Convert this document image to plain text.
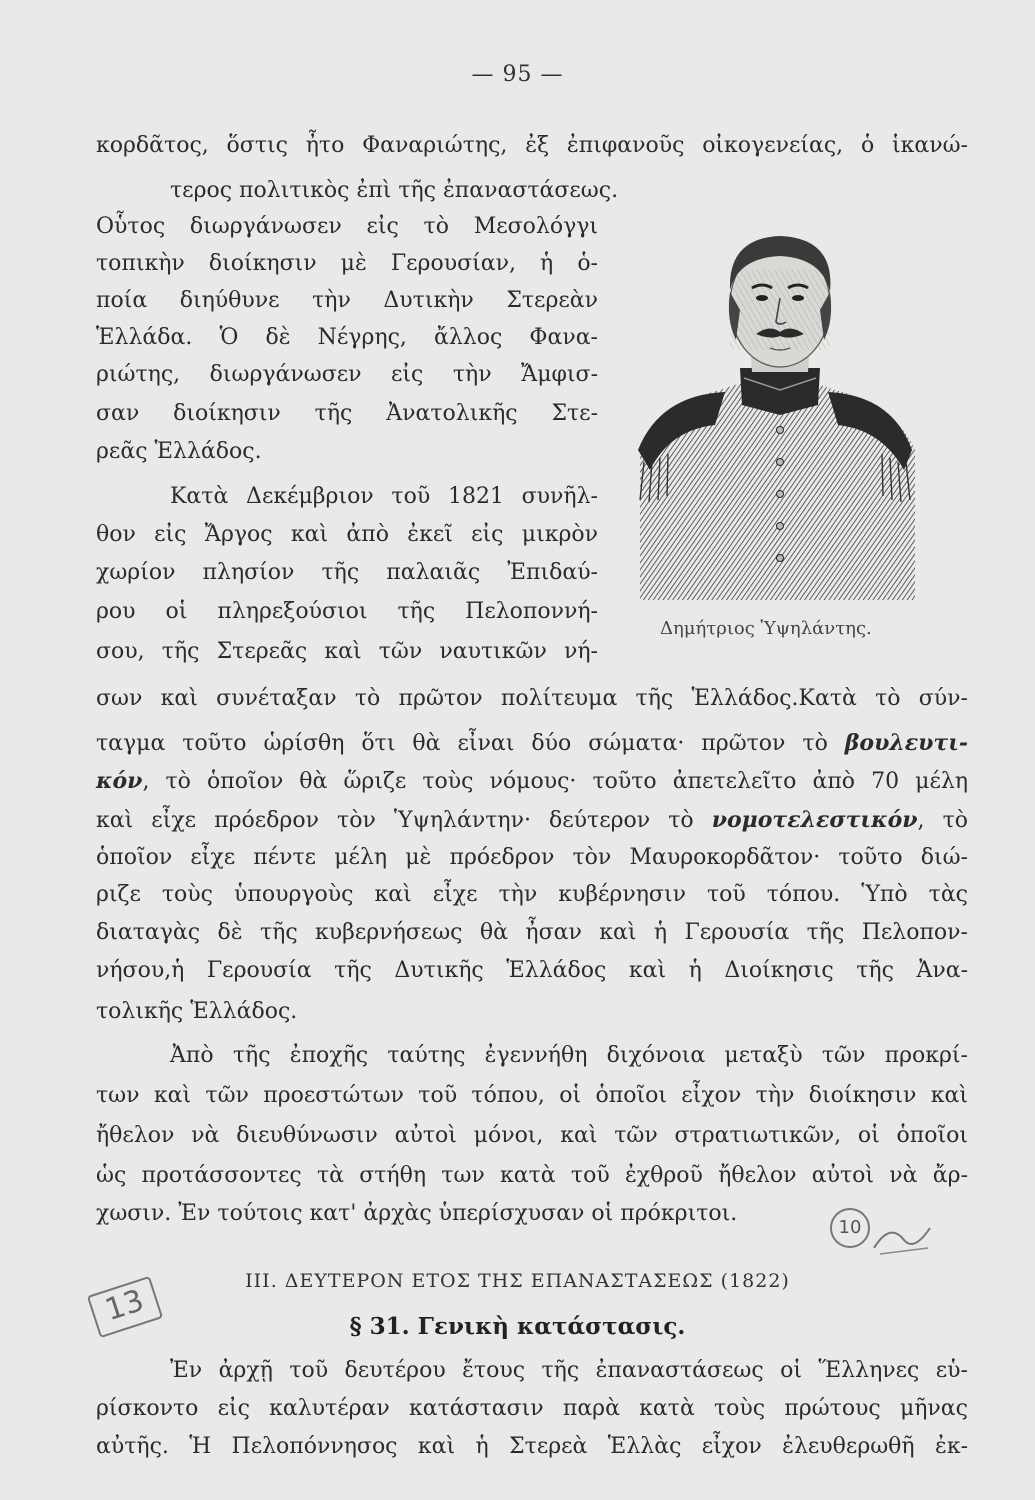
— 95 —
κορδᾶτος, ὅστις ἦτο Φαναριώτης, ἐξ ἐπιφανοῦς οἰκογενείας, ὁ ἱκανώ-
τερος πολιτικὸς ἐπὶ τῆς ἐπαναστάσεως.
Οὗτος διωργάνωσεν εἰς τὸ Μεσολόγγι
τοπικὴν διοίκησιν μὲ Γερουσίαν, ἡ ὁ-
ποία διηύθυνε τὴν Δυτικὴν Στερεὰν
Ἑλλάδα. Ὁ δὲ Νέγρης, ἄλλος Φανα-
ριώτης, διωργάνωσεν εἰς τὴν Ἄμφισ-
σαν διοίκησιν τῆς Ἀνατολικῆς Στε-
ρεᾶς Ἑλλάδος.
Κατὰ Δεκέμβριον τοῦ 1821 συνῆλ-
θον εἰς Ἄργος καὶ ἀπὸ ἐκεῖ εἰς μικρὸν
χωρίον πλησίον τῆς παλαιᾶς Ἐπιδαύ-
ρου οἱ πληρεξούσιοι τῆς Πελοποννή-
σου, τῆς Στερεᾶς καὶ τῶν ναυτικῶν νή-
Δημήτριος Ὑψηλάντης.
σων καὶ συνέταξαν τὸ πρῶτον πολίτευμα τῆς Ἑλλάδος.Κατὰ τὸ σύν-
ταγμα τοῦτο ὡρίσθη ὅτι θὰ εἶναι δύο σώματα· πρῶτον τὸ βουλευτι-
κόν, τὸ ὁποῖον θὰ ὥριζε τοὺς νόμους· τοῦτο ἀπετελεῖτο ἀπὸ 70 μέλη
καὶ εἶχε πρόεδρον τὸν Ὑψηλάντην· δεύτερον τὸ νομοτελεστικόν, τὸ
ὁποῖον εἶχε πέντε μέλη μὲ πρόεδρον τὸν Μαυροκορδᾶτον· τοῦτο διώ-
ριζε τοὺς ὑπουργοὺς καὶ εἶχε τὴν κυβέρνησιν τοῦ τόπου. Ὑπὸ τὰς
διαταγὰς δὲ τῆς κυβερνήσεως θὰ ἦσαν καὶ ἡ Γερουσία τῆς Πελοπον-
νήσου,ἡ Γερουσία τῆς Δυτικῆς Ἑλλάδος καὶ ἡ Διοίκησις τῆς Ἀνα-
τολικῆς Ἑλλάδος.
Ἀπὸ τῆς ἐποχῆς ταύτης ἐγεννήθη διχόνοια μεταξὺ τῶν προκρί-
των καὶ τῶν προεστώτων τοῦ τόπου, οἱ ὁποῖοι εἶχον τὴν διοίκησιν καὶ
ἤθελον νὰ διευθύνωσιν αὐτοὶ μόνοι, καὶ τῶν στρατιωτικῶν, οἱ ὁποῖοι
ὡς προτάσσοντες τὰ στήθη των κατὰ τοῦ ἐχθροῦ ἤθελον αὐτοὶ νὰ ἄρ-
χωσιν. Ἐν τούτοις κατ' ἀρχὰς ὑπερίσχυσαν οἱ πρόκριτοι.
10
13
ΙΙΙ. ΔΕΥΤΕΡΟΝ ΕΤΟΣ ΤΗΣ ΕΠΑΝΑΣΤΑΣΕΩΣ (1822)
§ 31. Γενικὴ κατάστασις.
Ἐν ἀρχῇ τοῦ δευτέρου ἔτους τῆς ἐπαναστάσεως οἱ Ἕλληνες εὑ-
ρίσκοντο εἰς καλυτέραν κατάστασιν παρὰ κατὰ τοὺς πρώτους μῆνας
αὐτῆς. Ἡ Πελοπόννησος καὶ ἡ Στερεὰ Ἑλλὰς εἶχον ἐλευθερωθῆ ἐκ-
